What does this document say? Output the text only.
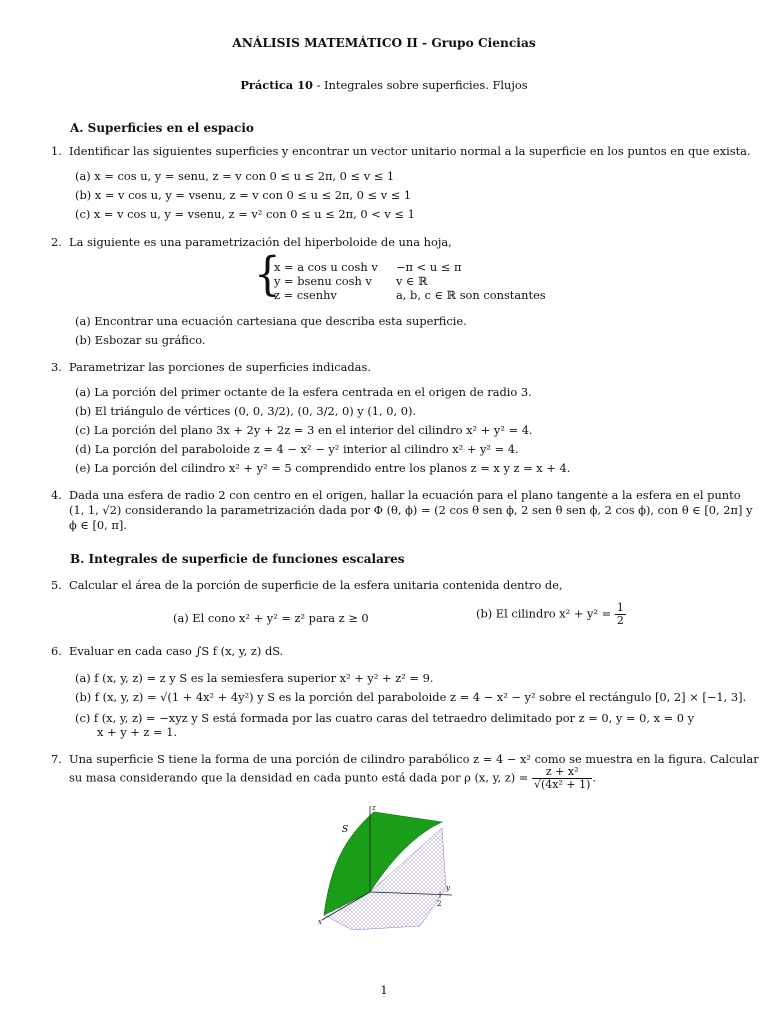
ANÁLISIS MATEMÁTICO II - Grupo Ciencias
Práctica 10 - Integrales sobre superficies. Flujos
A. Superficies en el espacio
1. Identificar las siguientes superficies y encontrar un vector unitario normal a la superficie en los puntos en que exista.
(a) x = cos u, y = senu, z = v con 0 ≤ u ≤ 2π, 0 ≤ v ≤ 1
(b) x = v cos u, y = vsenu, z = v con 0 ≤ u ≤ 2π, 0 ≤ v ≤ 1
(c) x = v cos u, y = vsenu, z = v² con 0 ≤ u ≤ 2π, 0 < v ≤ 1
2. La siguiente es una parametrización del hiperboloide de una hoja,
{
x = a cos u cosh v
y = bsenu cosh v
z = csenhv
−π < u ≤ π
v ∈ ℝ
a, b, c ∈ ℝ son constantes
(a) Encontrar una ecuación cartesiana que describa esta superficie.
(b) Esbozar su gráfico.
3. Parametrizar las porciones de superficies indicadas.
(a) La porción del primer octante de la esfera centrada en el origen de radio 3.
(b) El triángulo de vértices (0, 0, 3/2), (0, 3/2, 0) y (1, 0, 0).
(c) La porción del plano 3x + 2y + 2z = 3 en el interior del cilindro x² + y² = 4.
(d) La porción del paraboloide z = 4 − x² − y² interior al cilindro x² + y² = 4.
(e) La porción del cilindro x² + y² = 5 comprendido entre los planos z = x y z = x + 4.
4. Dada una esfera de radio 2 con centro en el origen, hallar la ecuación para el plano tangente a la esfera en el punto
(1, 1, √2) considerando la parametrización dada por Φ (θ, ϕ) = (2 cos θ sen ϕ, 2 sen θ sen ϕ, 2 cos ϕ), con θ ∈ [0, 2π] y
ϕ ∈ [0, π].
B. Integrales de superficie de funciones escalares
5. Calcular el área de la porción de superficie de la esfera unitaria contenida dentro de,
(a) El cono x² + y² = z² para z ≥ 0	(b) El cilindro $x^2 + y^2 = \frac{1}{2}$
6. Evaluar en cada caso ∫S f (x, y, z) dS.
(a) f (x, y, z) = z y S es la semiesfera superior x² + y² + z² = 9.
(b) f (x, y, z) = √(1 + 4x² + 4y²) y S es la porción del paraboloide z = 4 − x² − y² sobre el rectángulo [0, 2] × [−1, 3].
(c) f (x, y, z) = −xyz y S está formada por las cuatro caras del tetraedro delimitado por z = 0, y = 0, x = 0 y
x + y + z = 1.
7. Una superficie S tiene la forma de una porción de cilindro parabólico z = 4 − x² como se muestra en la figura. Calcular
su masa considerando que la densidad en cada punto está dada por ρ (x, y, $z) = \frac{\text{z + x²}}{\text{√(4x² + 1)}}$ .
S
z
y
x
2
1
